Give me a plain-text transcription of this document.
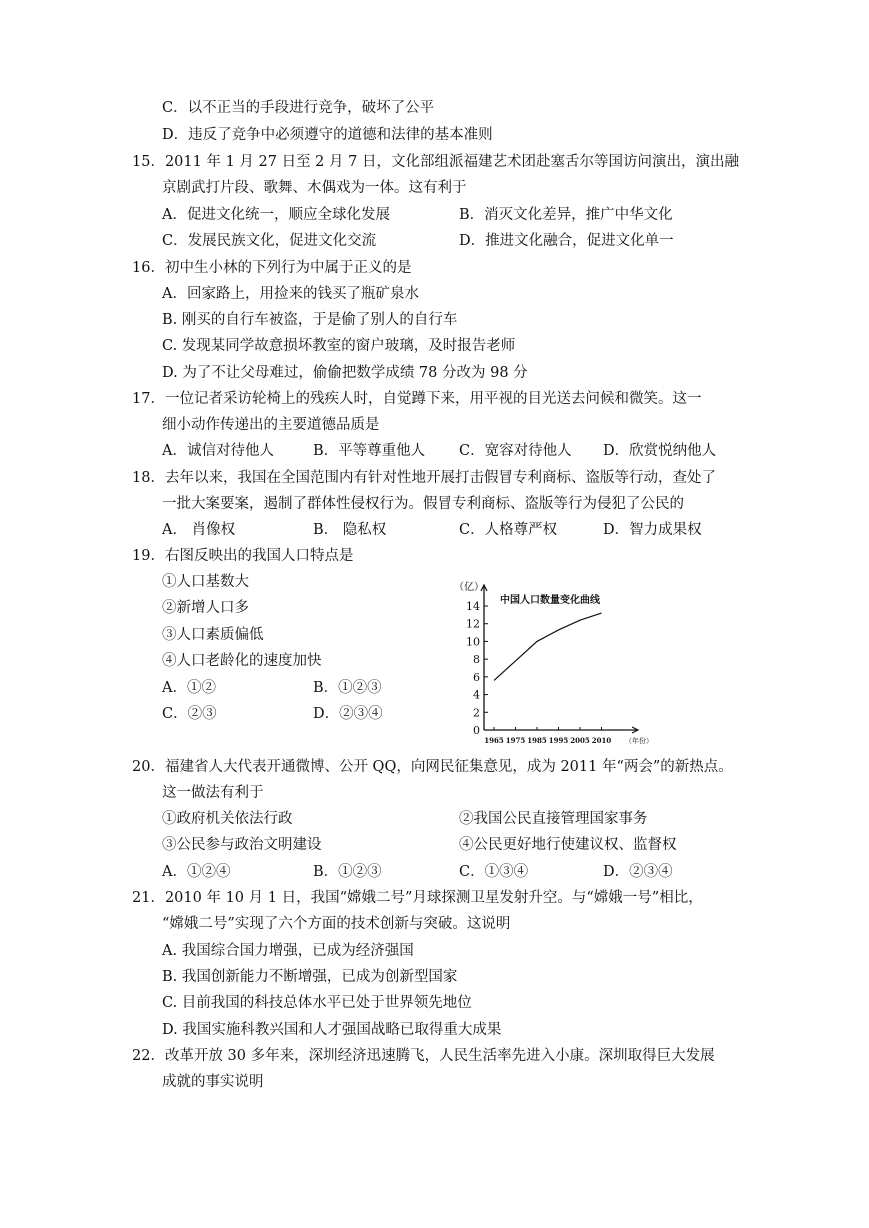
C．以不正当的手段进行竞争，破坏了公平
D．违反了竞争中必须遵守的道德和法律的基本准则
15．2011 年 1 月 27 日至 2 月 7 日，文化部组派福建艺术团赴塞舌尔等国访问演出，演出融
京剧武打片段、歌舞、木偶戏为一体。这有利于
16．初中生小林的下列行为中属于正义的是
A．回家路上，用捡来的钱买了瓶矿泉水
B. 刚买的自行车被盗，于是偷了别人的自行车
C. 发现某同学故意损坏教室的窗户玻璃，及时报告老师
D. 为了不让父母难过，偷偷把数学成绩 78 分改为 98 分
17．一位记者采访轮椅上的残疾人时，自觉蹲下来，用平视的目光送去问候和微笑。这一
细小动作传递出的主要道德品质是
18．去年以来，我国在全国范围内有针对性地开展打击假冒专利商标、盗版等行动，查处了
一批大案要案，遏制了群体性侵权行为。假冒专利商标、盗版等行为侵犯了公民的
19．右图反映出的我国人口特点是
①人口基数大
②新增人口多
③人口素质偏低
④人口老龄化的速度加快
20．福建省人大代表开通微博、公开 QQ，向网民征集意见，成为 2011 年“两会”的新热点。
这一做法有利于
21．2010 年 10 月 1 日，我国“嫦娥二号”月球探测卫星发射升空。与“嫦娥一号”相比，
“嫦娥二号”实现了六个方面的技术创新与突破。这说明
A. 我国综合国力增强，已成为经济强国
B. 我国创新能力不断增强，已成为创新型国家
C. 目前我国的科技总体水平已处于世界领先地位
D. 我国实施科教兴国和人才强国战略已取得重大成果
22．改革开放 30 多年来，深圳经济迅速腾飞，人民生活率先进入小康。深圳取得巨大发展
成就的事实说明
A．促进文化统一，顺应全球化发展	B．消灭文化差异，推广中华文化
C．发展民族文化，促进文化交流	D．推进文化融合，促进文化单一
A．诚信对待他人	B．平等尊重他人 C．宽容对待他人 D．欣赏悦纳他人
A． 肖像权	B． 隐私权	C．人格尊严权	D．智力成果权
A．①②	B．①②③
C．②③	D．②③④
①政府机关依法行政	②我国公民直接管理国家事务
③公民参与政治文明建设	④公民更好地行使建议权、监督权
A．①②④	B．①②③	C．①③④	D．②③④
（亿）
中国人口数量变化曲线
0
2
4
6
8
10
12
14
1965 1975 1985 1995 2005 2010 （年份）
